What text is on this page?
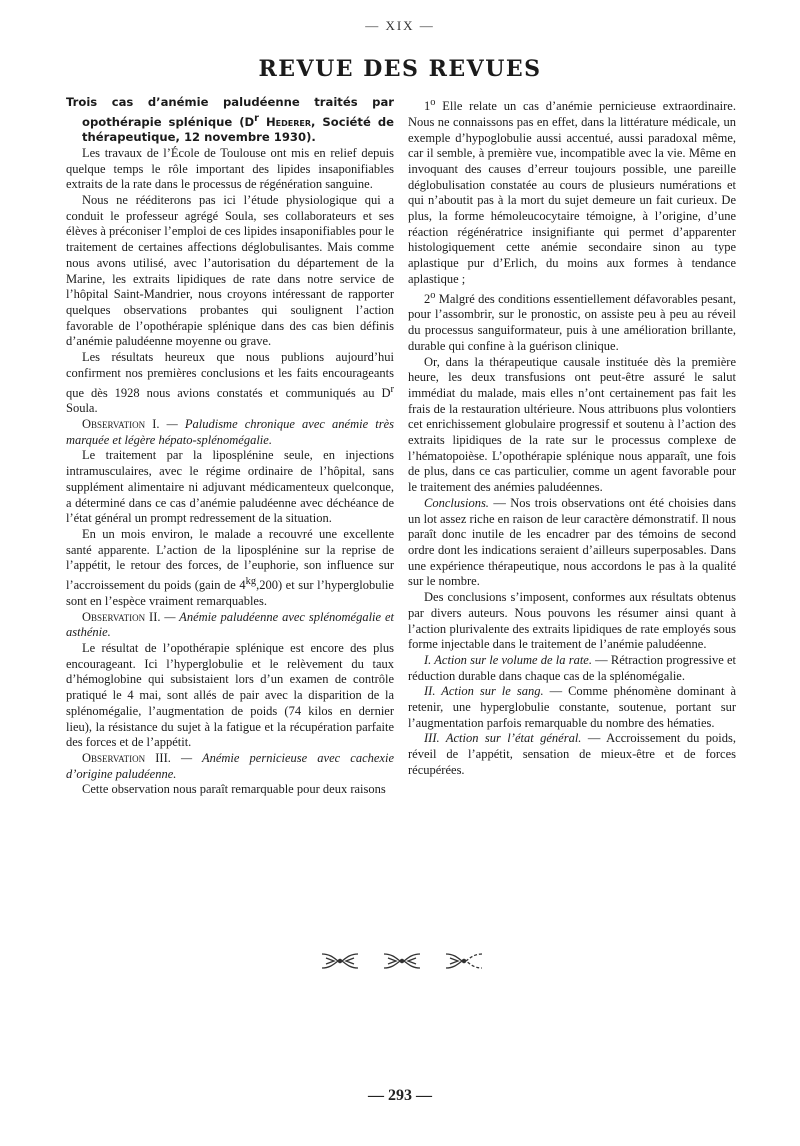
— XIX —
REVUE DES REVUES

Trois cas d’anémie paludéenne traités par opothérapie splénique ($D^r$ Hederer, Société de thérapeutique, 12 novembre 1930).

Les travaux de l’École de Toulouse ont mis en relief depuis quelque temps le rôle important des lipides insaponifiables extraits de la rate dans le processus de régénération sanguine.

Nous ne rééditerons pas ici l’étude physiologique qui a conduit le professeur agrégé Soula, ses collaborateurs et ses élèves à préconiser l’emploi de ces lipides insaponifiables pour le traitement de certaines affections déglobulisantes. Mais comme nous avons utilisé, avec l’autorisation du département de la Marine, les extraits lipidiques de rate dans notre service de l’hôpital Saint-Mandrier, nous croyons intéressant de rapporter quelques observations probantes qui soulignent l’action favorable de l’opothérapie splénique dans des cas bien définis d’anémie paludéenne moyenne ou grave.

Les résultats heureux que nous publions aujourd’hui confirment nos premières conclusions et les faits encourageants que dès 1928 nous avions constatés et communiqués au $D^r$ Soula.

Observation I. — Paludisme chronique avec anémie très marquée et légère hépato-splénomégalie.

Le traitement par la liposplénine seule, en injections intramusculaires, avec le régime ordinaire de l’hôpital, sans supplément alimentaire ni adjuvant médicamenteux quelconque, a déterminé dans ce cas d’anémie paludéenne avec déchéance de l’état général un prompt redressement de la situation.

En un mois environ, le malade a recouvré une excellente santé apparente. L’action de la liposplénine sur la reprise de l’appétit, le retour des forces, de l’euphorie, son influence sur l’accroissement du poids (gain de $4^{kg},200$) et sur l’hyperglobulie sont en l’espèce vraiment remarquables.

Observation II. — Anémie paludéenne avec splénomégalie et asthénie.

Le résultat de l’opothérapie splénique est encore des plus encourageant. Ici l’hyperglobulie et le relèvement du taux d’hémoglobine qui subsistaient lors d’un examen de contrôle pratiqué le 4 mai, sont allés de pair avec la disparition de la splénomégalie, l’augmentation de poids (74 kilos en dernier lieu), la résistance du sujet à la fatigue et la récupération parfaite des forces et de l’appétit.

Observation III. — Anémie pernicieuse avec cachexie d’origine paludéenne.

Cette observation nous paraît remarquable pour deux raisons

1$^o$ Elle relate un cas d’anémie pernicieuse extraordinaire. Nous ne connaissons pas en effet, dans la littérature médicale, un exemple d’hypoglobulie aussi accentué, aussi paradoxal même, car il semble, à première vue, incompatible avec la vie. Même en invoquant des causes d’erreur toujours possible, une pareille déglobulisation constatée au cours de plusieurs numérations et qui n’aboutit pas à la mort du sujet demeure un fait curieux. De plus, la forme hémoleucocytaire témoigne, à l’origine, d’une réaction régénératrice insignifiante qui permet d’apparenter histologiquement cette anémie secondaire sinon au type aplastique pur d’Erlich, du moins aux formes à tendance aplastique ;

2$^o$ Malgré des conditions essentiellement défavorables pesant, pour l’assombrir, sur le pronostic, on assiste peu à peu au réveil du processus sanguiformateur, puis à une amélioration brillante, durable qui confine à la guérison clinique.

Or, dans la thérapeutique causale instituée dès la première heure, les deux transfusions ont peut-être assuré le salut immédiat du malade, mais elles n’ont certainement pas fait les frais de la restauration ultérieure. Nous attribuons plus volontiers cet enrichissement globulaire progressif et soutenu à l’action des extraits lipidiques de la rate sur le processus complexe de l’hématopoièse. L’opothérapie splénique nous apparaît, une fois de plus, dans ce cas particulier, comme un agent favorable pour le traitement des anémies paludéennes.

Conclusions. — Nos trois observations ont été choisies dans un lot assez riche en raison de leur caractère démonstratif. Il nous paraît donc inutile de les encadrer par des témoins de second ordre dont les indications seraient d’ailleurs superposables. Dans une expérience thérapeutique, nous accordons le pas à la qualité sur le nombre.

Des conclusions s’imposent, conformes aux résultats obtenus par divers auteurs. Nous pouvons les résumer ainsi quant à l’action plurivalente des extraits lipidiques de rate employés sous forme injectable dans le traitement de l’anémie paludéenne.

I. Action sur le volume de la rate. — Rétraction progressive et réduction durable dans chaque cas de la splénomégalie.

II. Action sur le sang. — Comme phénomène dominant à retenir, une hyperglobulie constante, soutenue, portant sur l’augmentation parfois remarquable du nombre des hématies.

III. Action sur l’état général. — Accroissement du poids, réveil de l’appétit, sensation de mieux-être et de forces récupérées.

— 293 —
